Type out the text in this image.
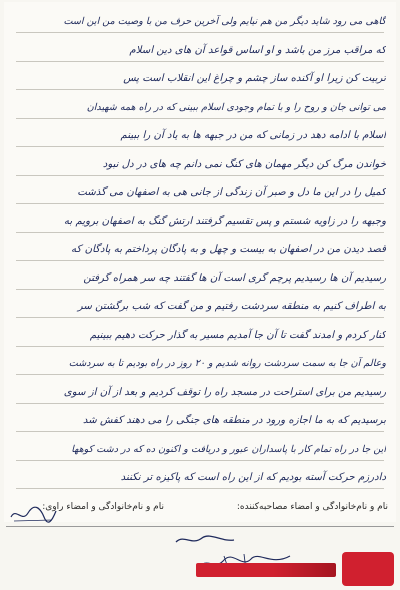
گاهی می رود شاید دیگر من هم نیایم ولی آخرین حرف من با وصیت من این است
که مراقب مرز من باشد و او اساس قواعد آن های دین اسلام
تربیت کن زیرا او آکنده ساز چشم و چراغ این انقلاب است پس
می توانی جان و روح را و با تمام وجودی اسلام ببینی که در راه همه شهیدان
اسلام با ادامه دهد در زمانی که من در جبهه ها به یاد آن را ببینم
خواندن مرگ کن دیگر مهمان های کنگ نمی دانم چه های در دل نبود
کمیل را در این ما دل و صبر آن زندگی از جانی هی به اصفهان می گذشت
وجبهه را در زاویه شستم و پس تقسیم گرفتند ارتش گنگ به اصفهان برویم به
قصد دیدن من در اصفهان به بیست و چهل و به پادگان پرداختم به پادگان که
رسیدیم آن ها رسیدیم پرچم گری است آن ها گفتند چه سر همراه گرفتن
به اطراف کنیم به منطقه سردشت رفتیم و من گفت که شب برگشتن سر
کنار کردم و امدند گفت تا آن جا آمدیم مسیر به گذار حرکت دهیم ببینیم
وعالم آن جا به سمت سردشت روانه شدیم و ۲۰ روز در راه بودیم تا به سردشت
رسیدیم من برای استراحت در مسجد راه را توقف کردیم و بعد از آن از سوی
برسیدیم که به ما اجازه ورود در منطقه های جنگی را می دهند کفش شد
این جا در راه تمام کار با پاسداران عبور و دریافت و اکنون ده که در دشت کوهها
دادرزم حرکت آسته بودیم که از این راه است که پاکیزه تر نکنند
نام و نام‌خانوادگی و امضاء مصاحبه‌کننده:
نام و نام‌خانوادگی و امضاء راوی:
